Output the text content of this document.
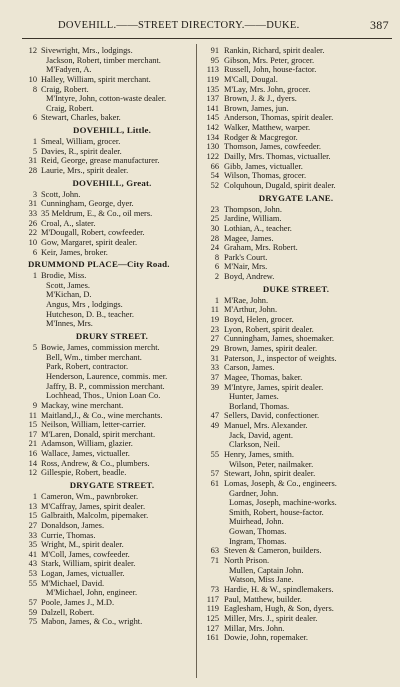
DOVEHILL.——STREET DIRECTORY.——DUKE.	387
12 Sivewright, Mrs., lodgings.
Jackson, Robert, timber merchant.
M'Fadyen, A.
10 Halley, William, spirit merchant.
8 Craig, Robert.
M'Intyre, John, cotton-waste dealer.
Craig, Robert.
6 Stewart, Charles, baker.
DOVEHILL, Little.
1 Smeal, William, grocer.
5 Davies, R., spirit dealer.
31 Reid, George, grease manufacturer.
28 Laurie, Mrs., spirit dealer.
DOVEHILL, Great.
3 Scott, John.
31 Cunningham, George, dyer.
33 35 Meldrum, E., & Co., oil mers.
26 Croal, A., slater.
22 M'Dougall, Robert, cowfeeder.
10 Gow, Margaret, spirit dealer.
6 Keir, James, broker.
DRUMMOND PLACE—City Road.
1 Brodie, Miss.
Scott, James.
M'Kichan, D.
Angus, Mrs , lodgings.
Hutcheson, D. B., teacher.
M'Innes, Mrs.
DRURY STREET.
5 Bowie, James, commission mercht.
Bell, Wm., timber merchant.
Park, Robert, contractor.
Henderson, Laurence, commis. mer.
Jaffry, B. P., commission merchant.
Lochhead, Thos., Union Loan Co.
9 Mackay, wine merchant.
11 Maitland,J., & Co., wine merchants.
15 Neilson, William, letter-carrier.
17 M'Laren, Donald, spirit merchant.
21 Adamson, William, glazier.
16 Wallace, James, victualler.
14 Ross, Andrew, & Co., plumbers.
12 Gillespie, Robert, beadle.
DRYGATE STREET.
1 Cameron, Wm., pawnbroker.
13 M'Caffray, James, spirit dealer.
15 Galbraith, Malcolm, pipemaker.
27 Donaldson, James.
33 Currie, Thomas.
35 Wright, M., spirit dealer.
41 M'Coll, James, cowfeeder.
43 Stark, William, spirit dealer.
53 Logan, James, victualler.
55 M'Michael, David.
M'Michael, John, engineer.
57 Poole, James J., M.D.
59 Dalzell, Robert.
75 Mabon, James, & Co., wright.
91 Rankin, Richard, spirit dealer.
95 Gibson, Mrs. Peter, grocer.
113 Russell, John, house-factor.
119 M'Call, Dougal.
135 M'Lay, Mrs. John, grocer.
137 Brown, J. & J., dyers.
141 Brown, James, jun.
145 Anderson, Thomas, spirit dealer.
142 Walker, Matthew, warper.
134 Rodger & Macgregor.
130 Thomson, James, cowfeeder.
122 Dailly, Mrs. Thomas, victualler.
66 Gibb, James, victualler.
54 Wilson, Thomas, grocer.
52 Colquhoun, Dugald, spirit dealer.
DRYGATE LANE.
23 Thompson, John.
25 Jardine, William.
30 Lothian, A., teacher.
28 Magee, James.
24 Graham, Mrs. Robert.
8 Park's Court.
6 M'Nair, Mrs.
2 Boyd, Andrew.
DUKE STREET.
1 M'Rae, John.
11 M'Arthur, John.
19 Boyd, Helen, grocer.
23 Lyon, Robert, spirit dealer.
27 Cunningham, James, shoemaker.
29 Brown, James, spirit dealer.
31 Paterson, J., inspector of weights.
33 Carson, James.
37 Magee, Thomas, baker.
39 M'Intyre, James, spirit dealer.
Hunter, James.
Borland, Thomas.
47 Sellers, David, confectioner.
49 Manuel, Mrs. Alexander.
Jack, David, agent.
Clarkson, Neil.
55 Henry, James, smith.
Wilson, Peter, nailmaker.
57 Stewart, John, spirit dealer.
61 Lomas, Joseph, & Co., engineers.
Gardner, John.
Lomas, Joseph, machine-works.
Smith, Robert, house-factor.
Muirhead, John.
Gowan, Thomas.
Ingram, Thomas.
63 Steven & Cameron, builders.
71 North Prison.
Mullen, Captain John.
Watson, Miss Jane.
73 Hardie, H. & W., spindlemakers.
117 Paul, Matthew, builder.
119 Eaglesham, Hugh, & Son, dyers.
125 Miller, Mrs. J., spirit dealer.
127 Millar, Mrs. John.
161 Dowie, John, ropemaker.
